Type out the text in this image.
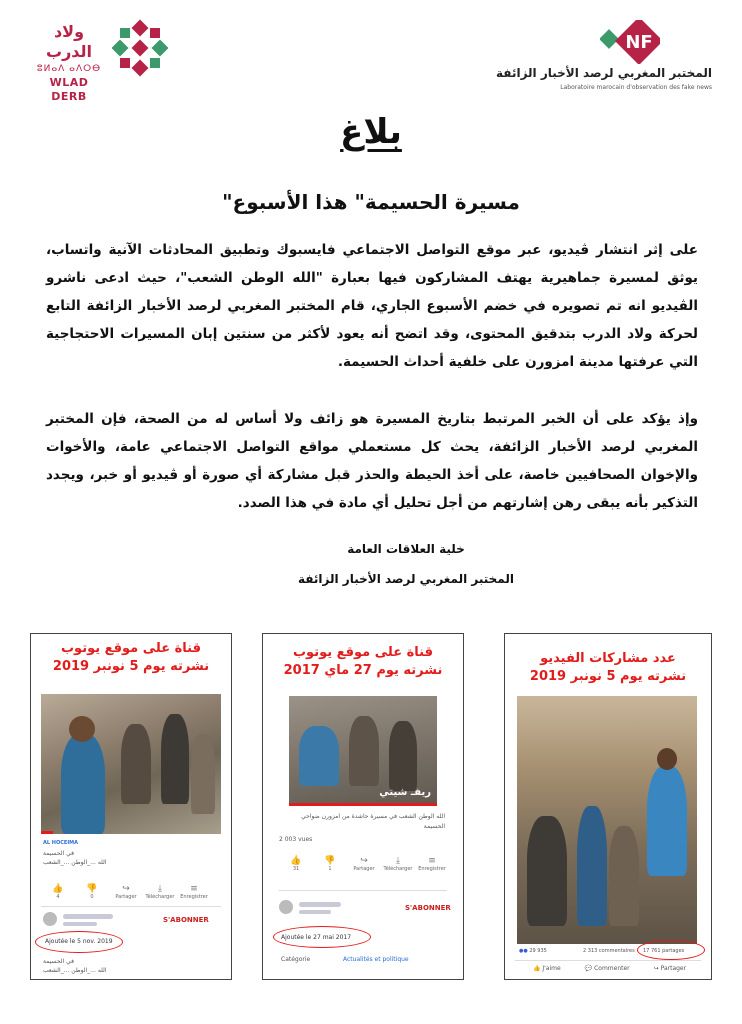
ولاد الدرب
ⵓⵍⴰⴷ ⴰⴷⵔⴱ
WLAD DERB
NF
المختبر المغربي لرصد الأخبار الزائفة
Laboratoire marocain d'observation des fake news
بلاغ
"مسيرة الحسيمة" هذا الأسبوع
على إثر انتشار ڤيديو، عبر موقع التواصل الاجتماعي فايسبوك وتطبيق المحادثات الآنية واتساب، يوثق لمسيرة جماهيرية يهتف المشاركون فيها بعبارة "الله الوطن الشعب"، حيث ادعى ناشرو الڤيديو انه تم تصويره في خضم الأسبوع الجاري، قام المختبر المغربي لرصد الأخبار الزائفة التابع لحركة ولاد الدرب بتدقيق المحتوى، وقد اتضح أنه يعود لأكثر من سنتين إبان المسيرات الاحتجاجية التي عرفتها مدينة امزورن على خلفية أحداث الحسيمة.
وإذ يؤكد على أن الخبر المرتبط بتاريخ المسيرة هو زائف ولا أساس له من الصحة، فإن المختبر المغربي لرصد الأخبار الزائفة، يحث كل مستعملي مواقع التواصل الاجتماعي عامة، والأخوات والإخوان الصحافيين خاصة، على أخذ الحيطة والحذر قبل مشاركة أي صورة أو ڤيديو أو خبر، ويجدد التذكير بأنه يبقى رهن إشارتهم من أجل تحليل أي مادة في هذا الصدد.
خلية العلاقات العامة
المختبر المغربي لرصد الأخبار الزائفة
قناة على موقع يوتوب
نشرته يوم 5 نونبر 2019
AL HOCEIMA
في الحسيمة
الله ..._الوطن ..._الشعب
👍
4
👎
0
↪
Partager
⤓
Télécharger
≡
Enregistrer
S'ABONNER
Ajoutée le 5 nov. 2019
في الحسيمة
الله ..._الوطن ..._الشعب
قناة على موقع يوتوب
نشرته يوم 27 ماي 2017
ريفـ شيتي
الله الوطن الشعب في مسيرة حاشدة من امزورن ضواحي الحسيمة
2 003 vues
👍
31
👎
1
↪
Partager
⤓
Télécharger
≡
Enregistrer
S'ABONNER
Ajoutée le 27 mai 2017
Catégorie	Actualités et politique
عدد مشاركات الفيديو
نشرته يوم 5 نونبر 2019
●● 29 935	2 313 commentaires 17 761 partages
👍 J'aime	💬 Commenter	↪ Partager
